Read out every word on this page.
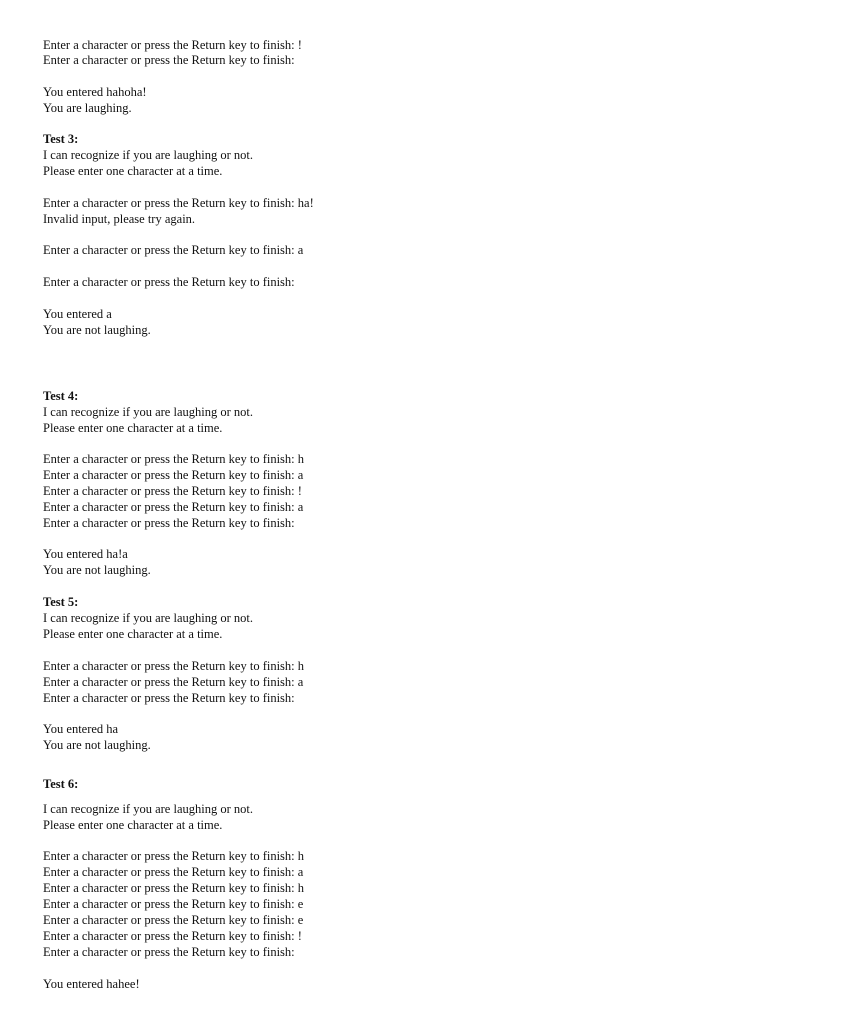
Enter a character or press the Return key to finish: !
Enter a character or press the Return key to finish:
You entered hahoha!
You are laughing.
Test 3:
I can recognize if you are laughing or not.
Please enter one character at a time.
Enter a character or press the Return key to finish: ha!
Invalid input, please try again.
Enter a character or press the Return key to finish: a
Enter a character or press the Return key to finish:
You entered a
You are not laughing.
Test 4:
I can recognize if you are laughing or not.
Please enter one character at a time.
Enter a character or press the Return key to finish: h
Enter a character or press the Return key to finish: a
Enter a character or press the Return key to finish: !
Enter a character or press the Return key to finish: a
Enter a character or press the Return key to finish:
You entered ha!a
You are not laughing.
Test 5:
I can recognize if you are laughing or not.
Please enter one character at a time.
Enter a character or press the Return key to finish: h
Enter a character or press the Return key to finish: a
Enter a character or press the Return key to finish:
You entered ha
You are not laughing.
Test 6:
I can recognize if you are laughing or not.
Please enter one character at a time.
Enter a character or press the Return key to finish: h
Enter a character or press the Return key to finish: a
Enter a character or press the Return key to finish: h
Enter a character or press the Return key to finish: e
Enter a character or press the Return key to finish: e
Enter a character or press the Return key to finish: !
Enter a character or press the Return key to finish:
You entered hahee!
